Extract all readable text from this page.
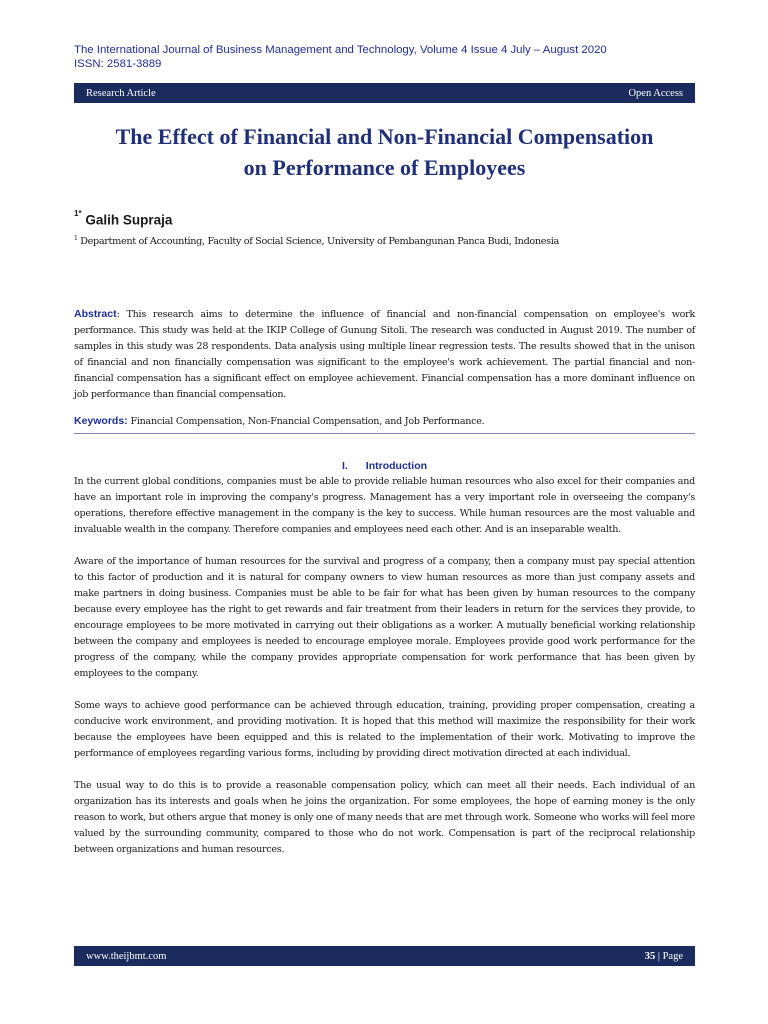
The International Journal of Business Management and Technology, Volume 4 Issue 4 July – August 2020
ISSN: 2581-3889
Research Article	Open Access
The Effect of Financial and Non-Financial Compensation
on Performance of Employees
$^{1*}$ Galih Supraja
$^1$ Department of Accounting, Faculty of Social Science, University of Pembangunan Panca Budi, Indonesia
Abstract: This research aims to determine the influence of financial and non-financial compensation on employee's work performance. This study was held at the IKIP College of Gunung Sitoli. The research was conducted in August 2019. The number of samples in this study was 28 respondents. Data analysis using multiple linear regression tests. The results showed that in the unison of financial and non financially compensation was significant to the employee's work achievement. The partial financial and non-financial compensation has a significant effect on employee achievement. Financial compensation has a more dominant influence on job performance than financial compensation.
Keywords: Financial Compensation, Non-Fnancial Compensation, and Job Performance.
I. Introduction

In the current global conditions, companies must be able to provide reliable human resources who also excel for their companies and have an important role in improving the company's progress. Management has a very important role in overseeing the company's operations, therefore effective management in the company is the key to success. While human resources are the most valuable and invaluable wealth in the company. Therefore companies and employees need each other. And is an inseparable wealth.

Aware of the importance of human resources for the survival and progress of a company, then a company must pay special attention to this factor of production and it is natural for company owners to view human resources as more than just company assets and make partners in doing business. Companies must be able to be fair for what has been given by human resources to the company because every employee has the right to get rewards and fair treatment from their leaders in return for the services they provide, to encourage employees to be more motivated in carrying out their obligations as a worker. A mutually beneficial working relationship between the company and employees is needed to encourage employee morale. Employees provide good work performance for the progress of the company, while the company provides appropriate compensation for work performance that has been given by employees to the company.

Some ways to achieve good performance can be achieved through education, training, providing proper compensation, creating a conducive work environment, and providing motivation. It is hoped that this method will maximize the responsibility for their work because the employees have been equipped and this is related to the implementation of their work. Motivating to improve the performance of employees regarding various forms, including by providing direct motivation directed at each individual.

The usual way to do this is to provide a reasonable compensation policy, which can meet all their needs. Each individual of an organization has its interests and goals when he joins the organization. For some employees, the hope of earning money is the only reason to work, but others argue that money is only one of many needs that are met through work. Someone who works will feel more valued by the surrounding community, compared to those who do not work. Compensation is part of the reciprocal relationship between organizations and human resources.

www.theijbmt.com	35 | Page
